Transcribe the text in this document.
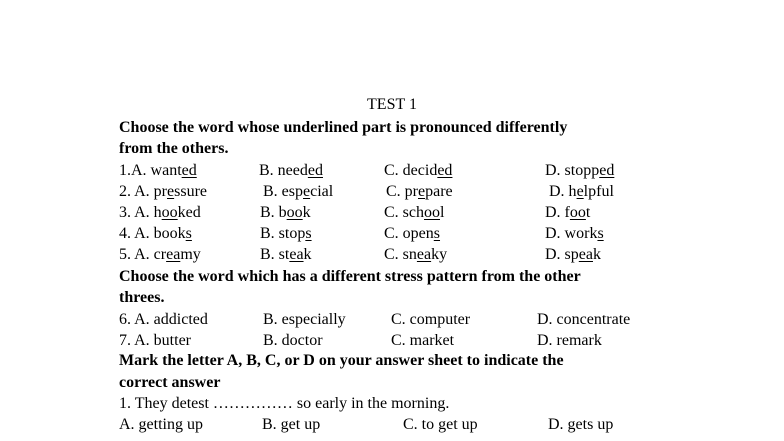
TEST 1
Choose the word whose underlined part is pronounced differently
from the others.
1.A. wanted	B. needed	C. decided	D. stopped
2. A. pressure	B. especial	C. prepare	D. helpful
3. A. hooked	B. book	C. school	D. foot
4. A. books	B. stops	C. opens	D. works
5. A. creamy	B. steak	C. sneaky	D. speak
Choose the word which has a different stress pattern from the other
threes.
6. A. addicted	B. especially	C. computer	D. concentrate
7. A. butter	B. doctor	C. market	D. remark
Mark the letter A, B, C, or D on your answer sheet to indicate the
correct answer
1. They detest …………… so early in the morning.
A. getting up	B. get up	C. to get up	D. gets up
